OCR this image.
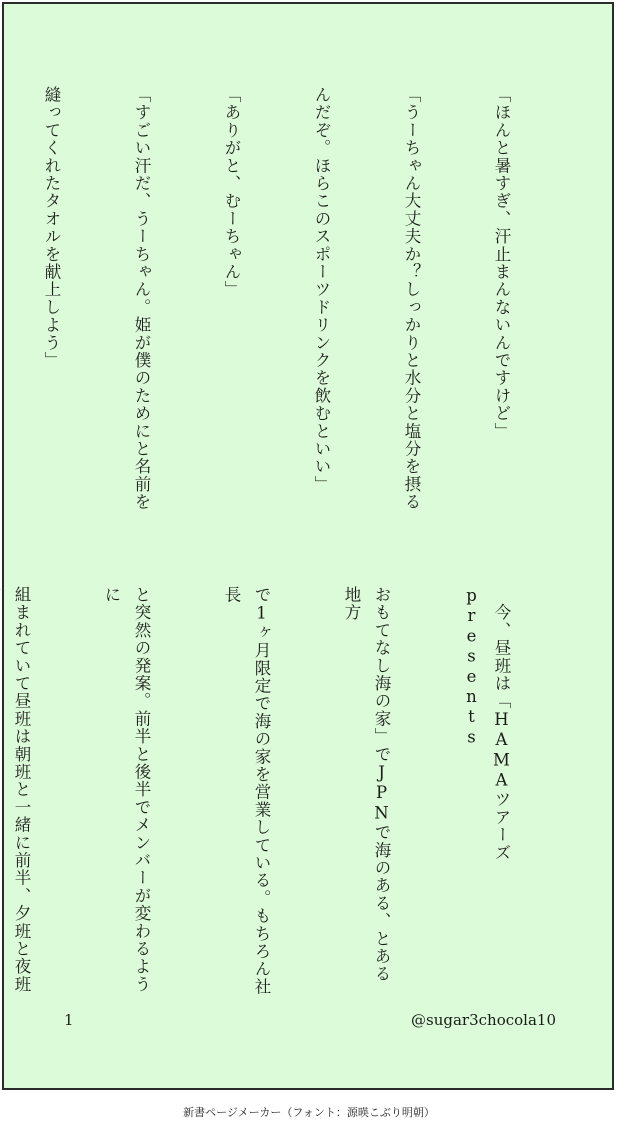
「ほんと暑すぎ、汗止まんないんですけど」

「うーちゃん大丈夫か？しっかりと水分と塩分を摂る

んだぞ。ほらこのスポーツドリンクを飲むといい」

「ありがと、むーちゃん」

「すごい汗だ、うーちゃん。姫が僕のためにと名前を

縫ってくれたタオルを献上しよう」

　今、昼班は「HAMAツアーズpresents

おもてなし海の家」でJPNで海のある、とある地方

で1ヶ月限定で海の家を営業している。もちろん社長

と突然の発案。前半と後半でメンバーが変わるように

組まれていて昼班は朝班と一緒に前半、夕班と夜班

1	@sugar3chocola10
新書ページメーカー（フォント：源暎こぶり明朝）
